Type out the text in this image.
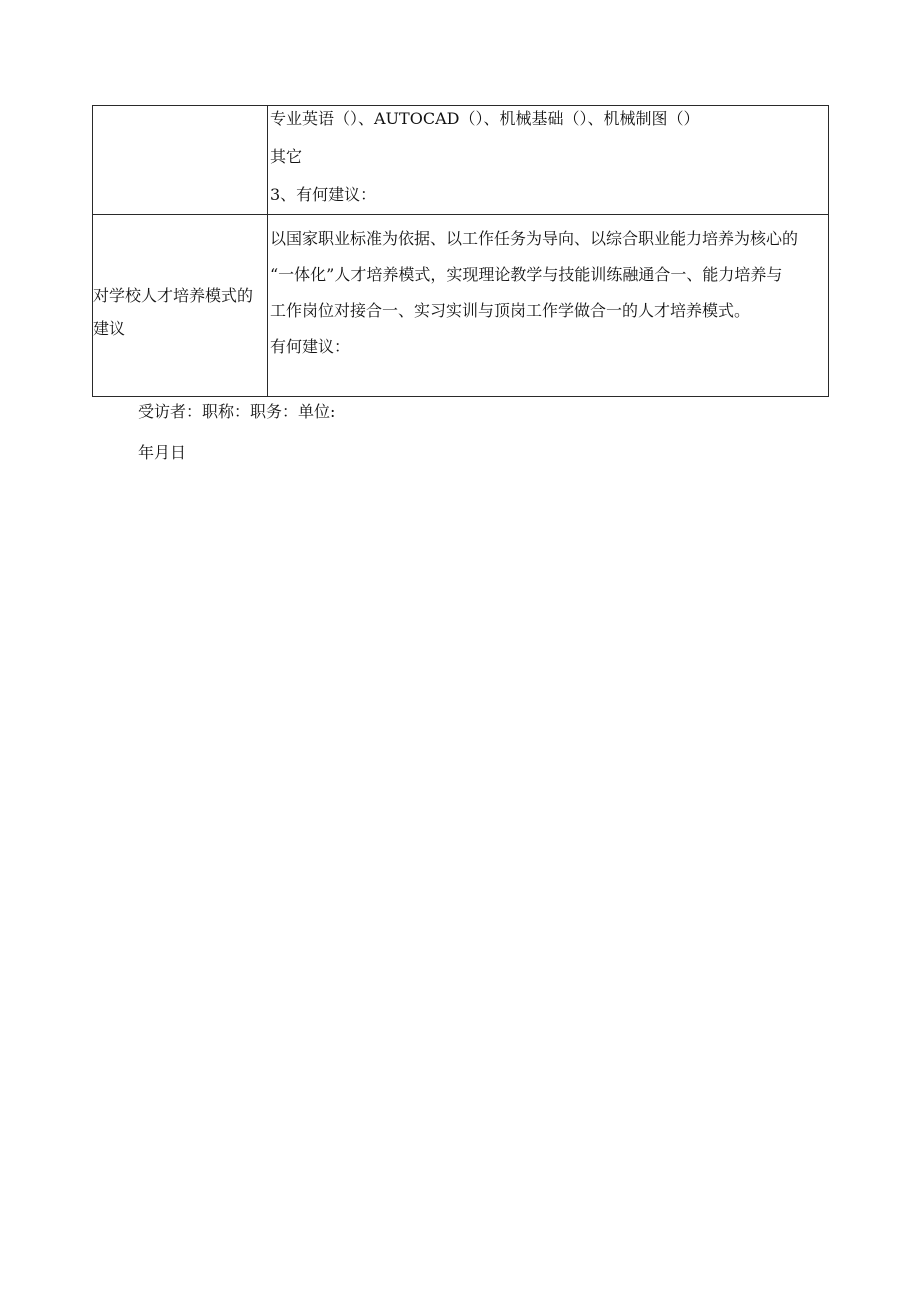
	专业英语（）、AUTOCAD（）、机械基础（）、机械制图（）
其它
3、有何建议：

对学校人才培养模式的建议	以国家职业标准为依据、以工作任务为导向、以综合职业能力培养为核心的
“一体化”人才培养模式，实现理论教学与技能训练融通合一、能力培养与
工作岗位对接合一、实习实训与顶岗工作学做合一的人才培养模式。
有何建议：
受访者：职称：职务：单位:
年月日
